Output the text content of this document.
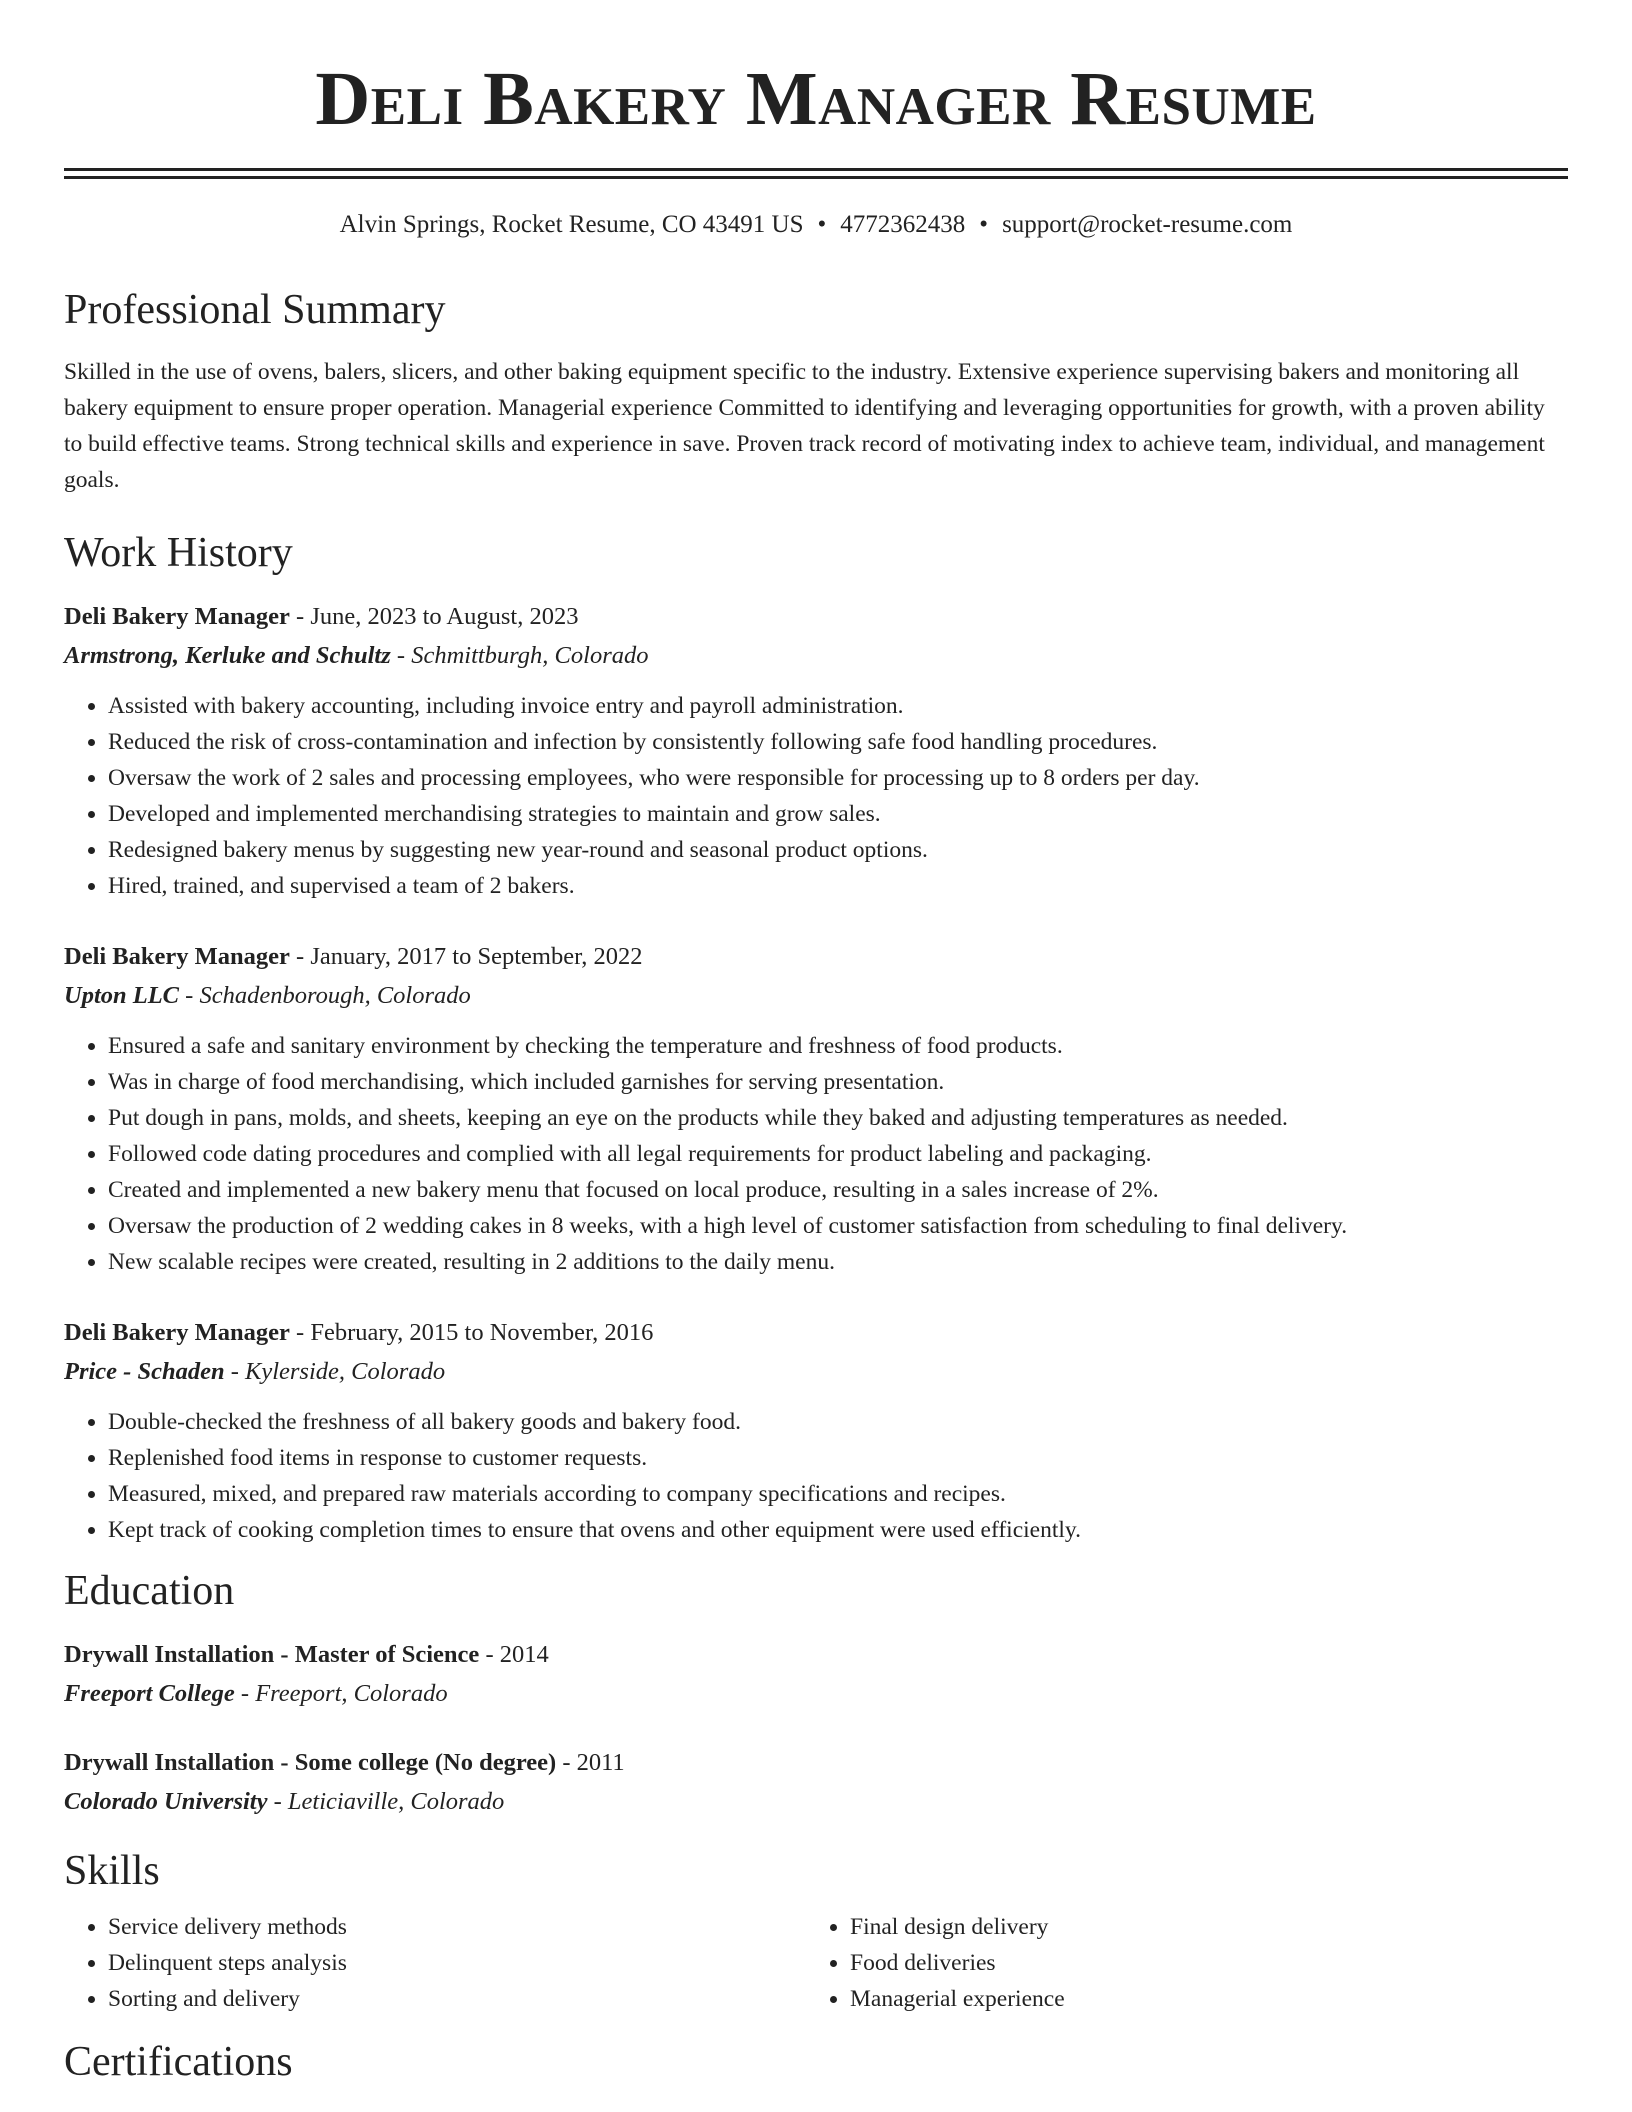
Deli Bakery Manager Resume
Alvin Springs, Rocket Resume, CO 43491 US • 4772362438 • support@rocket-resume.com
Professional Summary

Skilled in the use of ovens, balers, slicers, and other baking equipment specific to the industry. Extensive experience supervising bakers and monitoring all bakery equipment to ensure proper operation. Managerial experience Committed to identifying and leveraging opportunities for growth, with a proven ability to build effective teams. Strong technical skills and experience in save. Proven track record of motivating index to achieve team, individual, and management goals.

Work History
Deli Bakery Manager - June, 2023 to August, 2023
Armstrong, Kerluke and Schultz - Schmittburgh, Colorado
• Assisted with bakery accounting, including invoice entry and payroll administration.
• Reduced the risk of cross-contamination and infection by consistently following safe food handling procedures.
• Oversaw the work of 2 sales and processing employees, who were responsible for processing up to 8 orders per day.
• Developed and implemented merchandising strategies to maintain and grow sales.
• Redesigned bakery menus by suggesting new year-round and seasonal product options.
• Hired, trained, and supervised a team of 2 bakers.
Deli Bakery Manager - January, 2017 to September, 2022
Upton LLC - Schadenborough, Colorado
• Ensured a safe and sanitary environment by checking the temperature and freshness of food products.
• Was in charge of food merchandising, which included garnishes for serving presentation.
• Put dough in pans, molds, and sheets, keeping an eye on the products while they baked and adjusting temperatures as needed.
• Followed code dating procedures and complied with all legal requirements for product labeling and packaging.
• Created and implemented a new bakery menu that focused on local produce, resulting in a sales increase of 2%.
• Oversaw the production of 2 wedding cakes in 8 weeks, with a high level of customer satisfaction from scheduling to final delivery.
• New scalable recipes were created, resulting in 2 additions to the daily menu.
Deli Bakery Manager - February, 2015 to November, 2016
Price - Schaden - Kylerside, Colorado
• Double-checked the freshness of all bakery goods and bakery food.
• Replenished food items in response to customer requests.
• Measured, mixed, and prepared raw materials according to company specifications and recipes.
• Kept track of cooking completion times to ensure that ovens and other equipment were used efficiently.
Education
Drywall Installation - Master of Science - 2014
Freeport College - Freeport, Colorado
Drywall Installation - Some college (No degree) - 2011
Colorado University - Leticiaville, Colorado
Skills
• Service delivery methods
• Delinquent steps analysis
• Sorting and delivery
• Final design delivery
• Food deliveries
• Managerial experience
Certifications
